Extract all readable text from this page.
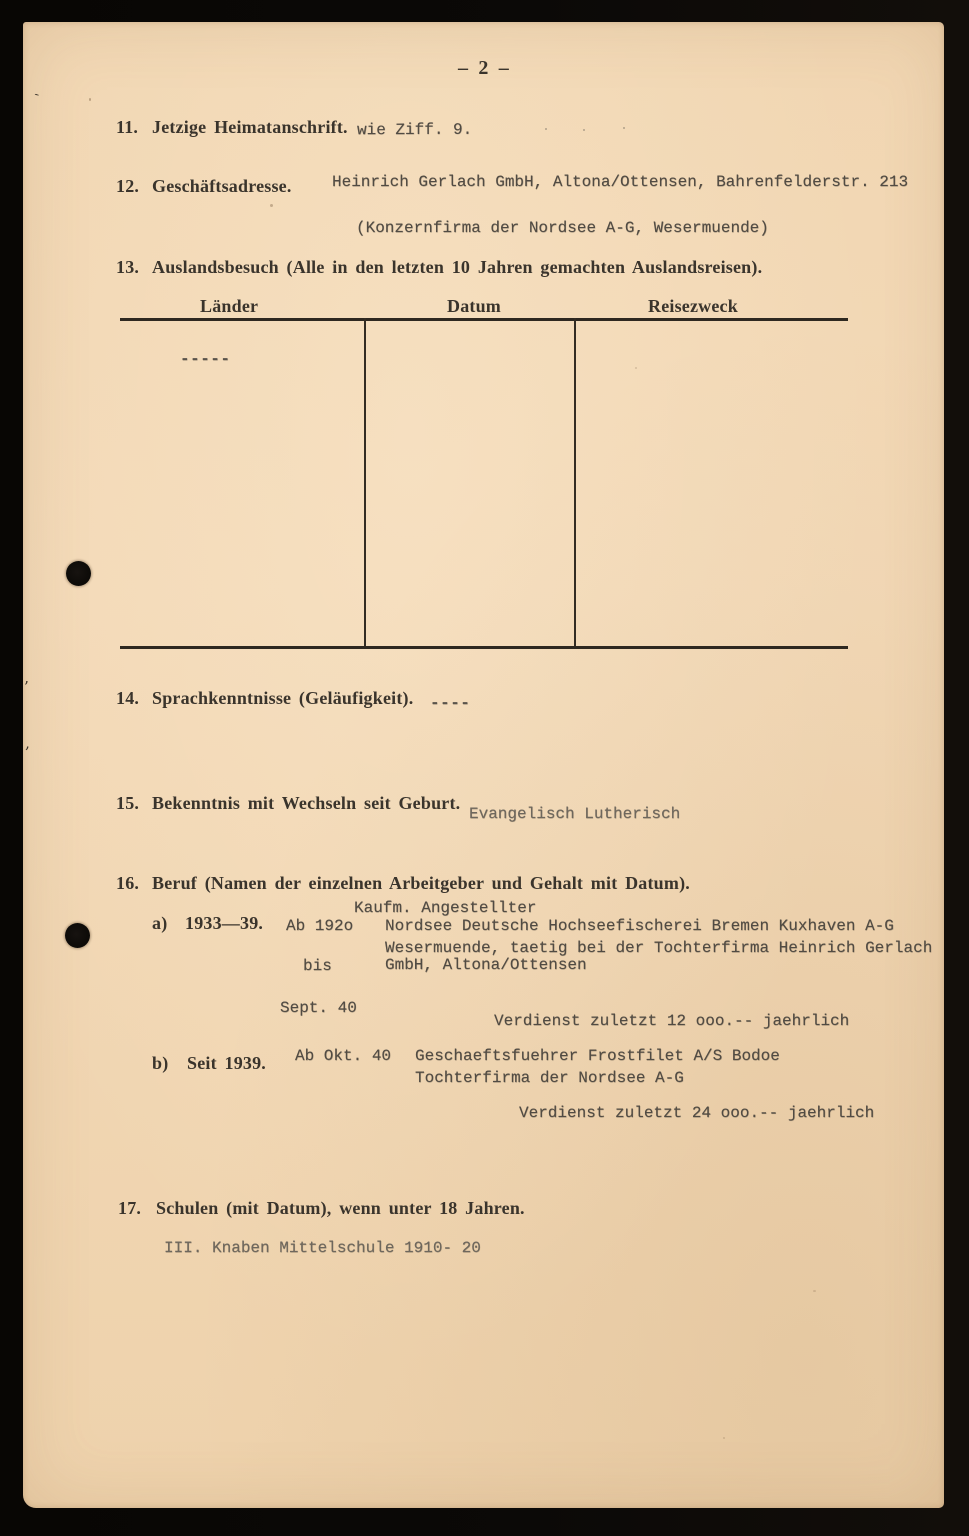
– 2 –
11. Jetzige Heimatanschrift. wie Ziff. 9.
12. Geschäftsadresse.	Heinrich Gerlach GmbH, Altona/Ottensen, Bahrenfelderstr. 213
(Konzernfirma der Nordsee A-G, Wesermuende)
13. Auslandsbesuch (Alle in den letzten 10 Jahren gemachten Auslandsreisen).
Länder	Datum	Reisezweck
-----
14. Sprachkenntnisse (Geläufigkeit). ----
15. Bekenntnis mit Wechseln seit Geburt.
Evangelisch Lutherisch
16. Beruf (Namen der einzelnen Arbeitgeber und Gehalt mit Datum).
Kaufm. Angestellter
a) 1933—39. Ab 192o Nordsee Deutsche Hochseefischerei Bremen Kuxhaven A-G
Wesermuende, taetig bei der Tochterfirma Heinrich Gerlach
bis	GmbH, Altona/Ottensen
Sept. 40
Verdienst zuletzt 12 ooo.-- jaehrlich
b) Seit 1939. Ab Okt. 40 Geschaeftsfuehrer Frostfilet A/S Bodoe
Tochterfirma der Nordsee A-G
Verdienst zuletzt 24 ooo.-- jaehrlich
17. Schulen (mit Datum), wenn unter 18 Jahren.
III. Knaben Mittelschule 1910- 20
`
’
‚
